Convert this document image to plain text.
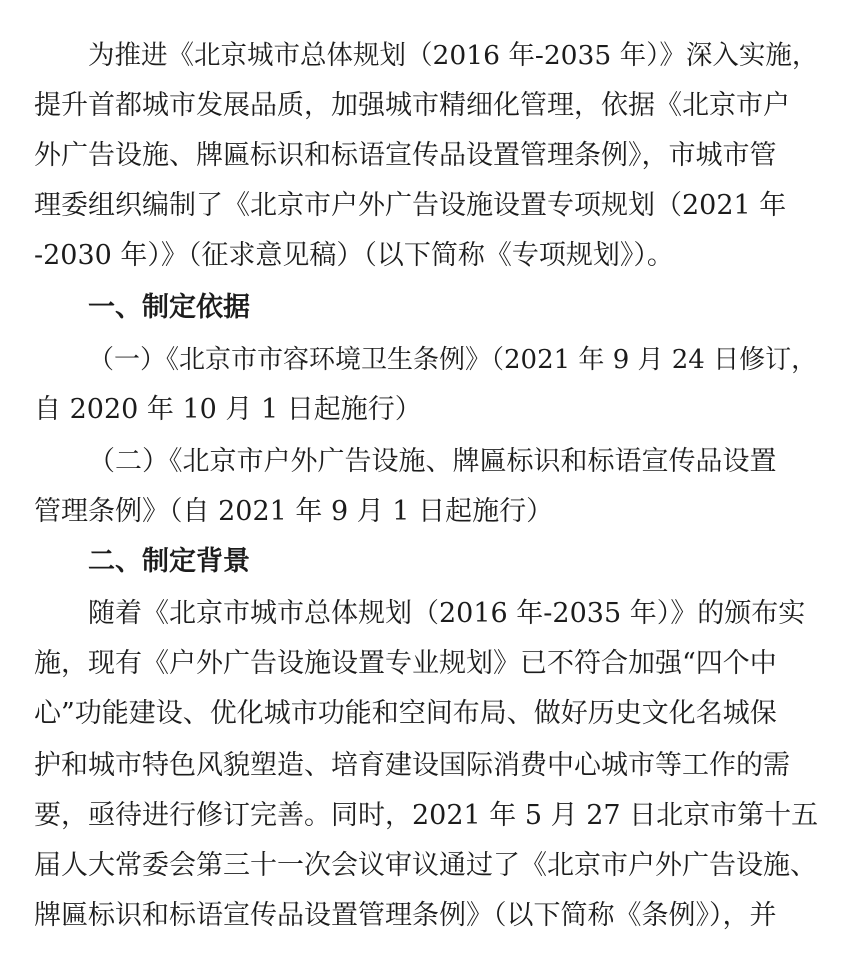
为推进《北京城市总体规划（2016 年-2035 年）》深入实施，
提升首都城市发展品质，加强城市精细化管理，依据《北京市户
外广告设施、牌匾标识和标语宣传品设置管理条例》，市城市管
理委组织编制了《北京市户外广告设施设置专项规划（2021 年
-2030 年）》（征求意见稿）（以下简称《专项规划》）。
一、制定依据
（一）《北京市市容环境卫生条例》（2021 年 9 月 24 日修订，
自 2020 年 10 月 1 日起施行）
（二）《北京市户外广告设施、牌匾标识和标语宣传品设置
管理条例》（自 2021 年 9 月 1 日起施行）
二、制定背景
随着《北京市城市总体规划（2016 年-2035 年）》的颁布实
施，现有《户外广告设施设置专业规划》已不符合加强“四个中
心”功能建设、优化城市功能和空间布局、做好历史文化名城保
护和城市特色风貌塑造、培育建设国际消费中心城市等工作的需
要，亟待进行修订完善。同时，2021 年 5 月 27 日北京市第十五
届人大常委会第三十一次会议审议通过了《北京市户外广告设施、
牌匾标识和标语宣传品设置管理条例》（以下简称《条例》），并
